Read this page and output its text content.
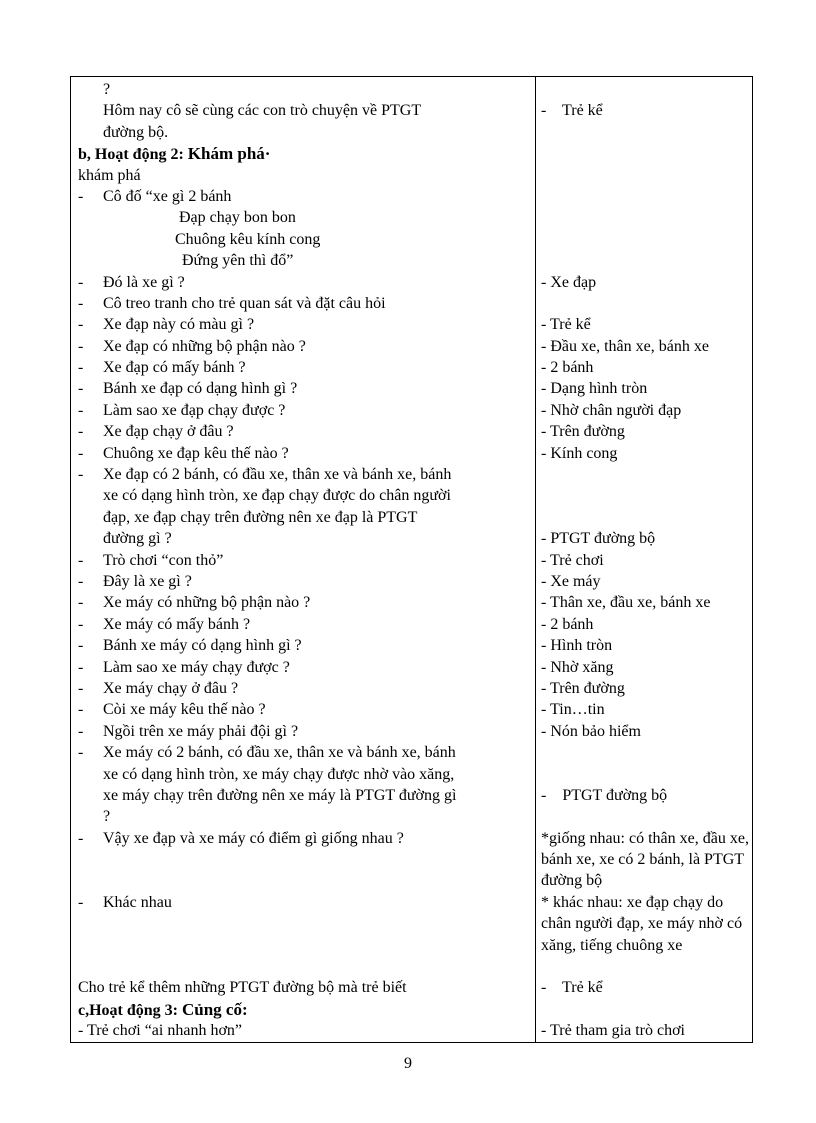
?
Hôm nay cô sẽ cùng các con trò chuyện về PTGT
đường bộ.
b, Hoạt động 2: Khám phá·
khám phá
- Cô đố “xe gì 2 bánh
Đạp chạy bon bon
Chuông kêu kính cong
Đứng yên thì đổ”
- Đó là xe gì ?
- Cô treo tranh cho trẻ quan sát và đặt câu hỏi
- Xe đạp này có màu gì ?
- Xe đạp có những bộ phận nào ?
- Xe đạp có mấy bánh ?
- Bánh xe đạp có dạng hình gì ?
- Làm sao xe đạp chạy được ?
- Xe đạp chạy ở đâu ?
- Chuông xe đạp kêu thế nào ?
- Xe đạp có 2 bánh, có đầu xe, thân xe và bánh xe, bánh
xe có dạng hình tròn, xe đạp chạy được do chân người
đạp, xe đạp chạy trên đường nên xe đạp là PTGT
đường gì ?
- Trò chơi “con thỏ”
- Đây là xe gì ?
- Xe máy có những bộ phận nào ?
- Xe máy có mấy bánh ?
- Bánh xe máy có dạng hình gì ?
- Làm sao xe máy chạy được ?
- Xe máy chạy ở đâu ?
- Còi xe máy kêu thế nào ?
- Ngồi trên xe máy phải đội gì ?
- Xe máy có 2 bánh, có đầu xe, thân xe và bánh xe, bánh
xe có dạng hình tròn, xe máy chạy được nhờ vào xăng,
xe máy chạy trên đường nên xe máy là PTGT đường gì
?
- Vậy xe đạp và xe máy có điểm gì giống nhau ?
- Khác nhau
Cho trẻ kể thêm những PTGT đường bộ mà trẻ biết
c,Hoạt động 3: Củng cố:
- Trẻ chơi “ai nhanh hơn”
-    Trẻ kể
- Xe đạp
- Trẻ kể
- Đầu xe, thân xe, bánh xe
- 2 bánh
- Dạng hình tròn
- Nhờ chân người đạp
- Trên đường
- Kính cong
- PTGT đường bộ
- Trẻ chơi
- Xe máy
- Thân xe, đầu xe, bánh xe
- 2 bánh
- Hình tròn
- Nhờ xăng
- Trên đường
- Tin…tin
- Nón bảo hiểm
-    PTGT đường bộ
*giống nhau: có thân xe, đầu xe, bánh xe, xe có 2 bánh, là PTGT đường bộ
* khác nhau: xe đạp chạy do chân người đạp, xe máy nhờ có xăng, tiếng chuông xe
-    Trẻ kể
- Trẻ tham gia trò chơi
9
